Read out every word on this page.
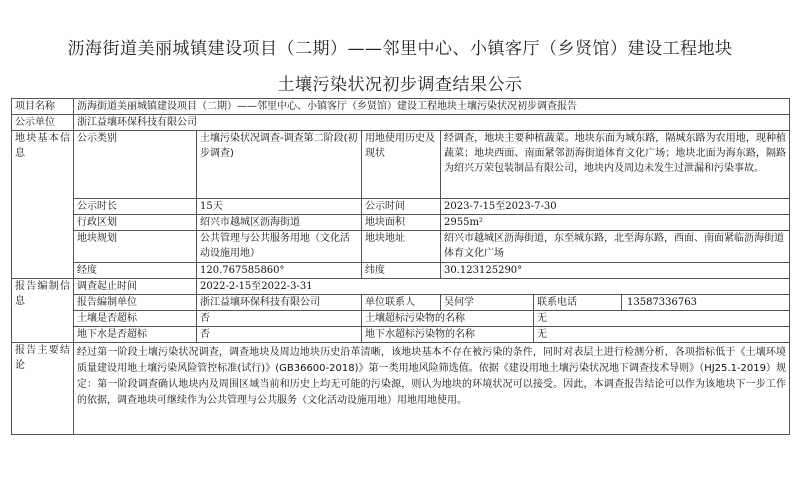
沥海街道美丽城镇建设项目（二期）——邻里中心、小镇客厅（乡贤馆）建设工程地块
土壤污染状况初步调查结果公示
项目名称	沥海街道美丽城镇建设项目（二期）——邻里中心、小镇客厅（乡贤馆）建设工程地块土壤污染状况初步调查报告				
公示单位	浙江益壤环保科技有限公司				
地块基本信息	公示类别	土壤污染状况调查-调查第二阶段(初步调查)	用地使用历史及现状	经调查，地块主要种植蔬菜。地块东面为城东路，隔城东路为农用地，现种植蔬菜；地块西面、南面紧邻沥海街道体育文化广场；地块北面为海东路，隔路为绍兴万荣包装制品有限公司，地块内及周边未发生过泄漏和污染事故。	
	公示时长	15天	公示时间	2023-7-15至2023-7-30	
	行政区划	绍兴市越城区沥海街道	地块面积	2955m²	
	地块规划	公共管理与公共服务用地（文化活动设施用地）	地块地址	绍兴市越城区沥海街道，东至城东路，北至海东路，西面、南面紧临沥海街道体育文化广场	
	经度	120.767585860°	纬度	30.123125290°	
报告编制信息	调查起止时间	2022-2-15至2022-3-31			
	报告编制单位	浙江益壤环保科技有限公司	单位联系人	吴何学	联系电话 13587336763
	土壤是否超标	否	土壤超标污染物的名称		无
	地下水是否超标	否	地下水超标污染物的名称		无
报告主要结论	经过第一阶段土壤污染状况调查，调查地块及周边地块历史沿革清晰，该地块基本不存在被污染的条件，同时对表层土进行检测分析，各项指标低于《土壤环境质量建设用地土壤污染风险管控标准(试行)》(GB36600-2018)》第一类用地风险筛选值。依据《建设用地土壤污染状况地下调查技术导则》（HJ25.1-2019）规定：第一阶段调查确认地块内及周围区域当前和历史上均无可能的污染源，则认为地块的环境状况可以接受。因此，本调查报告结论可以作为该地块下一步工作的依据，调查地块可继续作为公共管理与公共服务（文化活动设施用地）用地用地使用。				
